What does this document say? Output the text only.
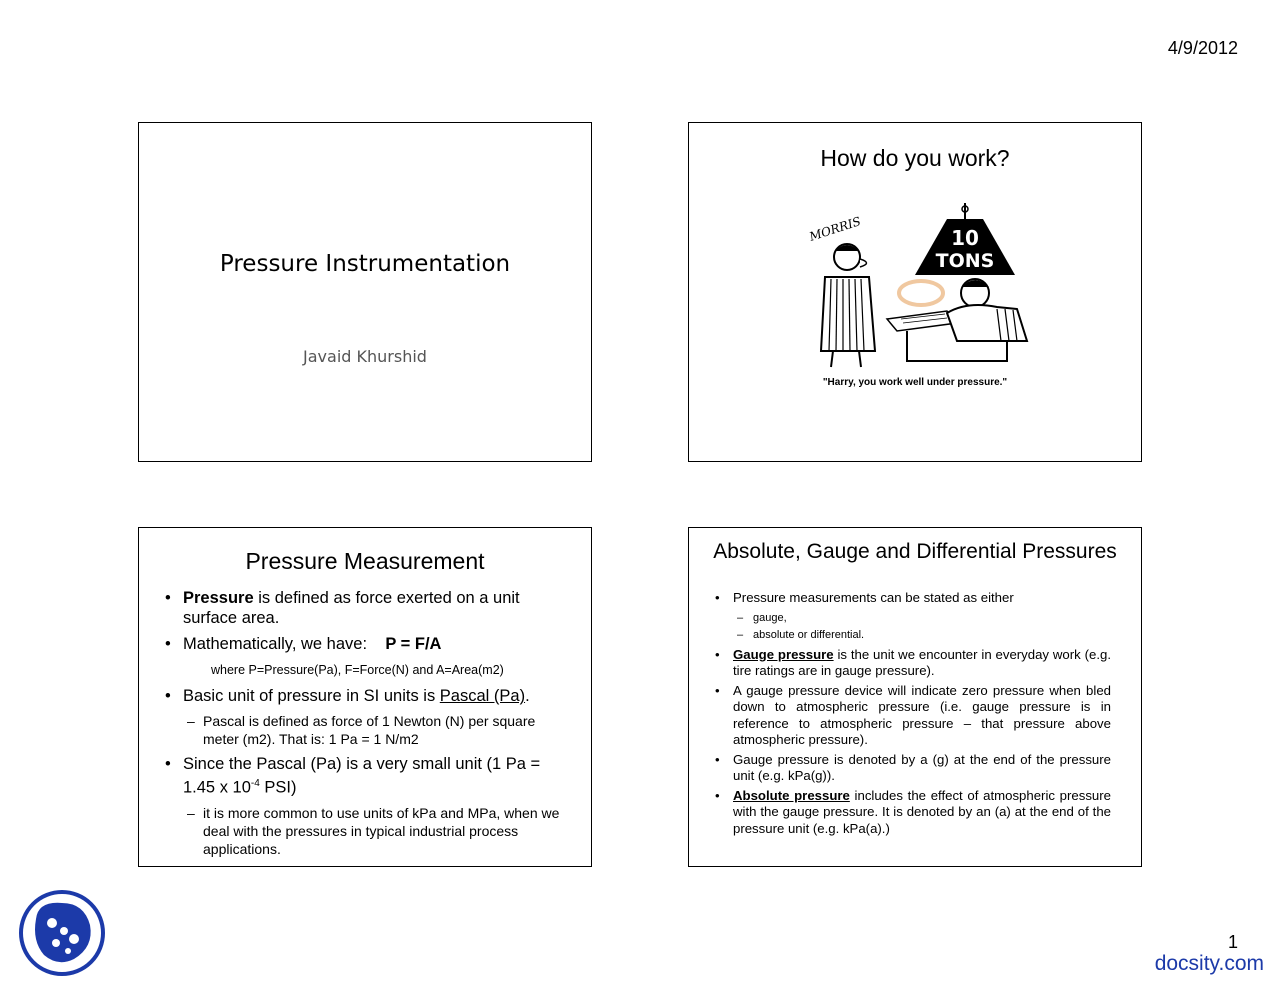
4/9/2012
Pressure Instrumentation
Javaid Khurshid
How do you work?
MORRIS	10
TONS
"Harry, you work well under pressure."
Pressure Measurement
• Pressure is defined as force exerted on a unit surface area.
• Mathematically, we have: P = F/A
where P=Pressure(Pa), F=Force(N) and A=Area(m2)
• Basic unit of pressure in SI units is Pascal (Pa).
– Pascal is defined as force of 1 Newton (N) per square meter (m2). That is: 1 Pa = 1 N/m2
• Since the Pascal (Pa) is a very small unit (1 Pa = 1.45 x $10^{-4}$ PSI)
– it is more common to use units of kPa and MPa, when we deal with the pressures in typical industrial process applications.
Absolute, Gauge and Differential Pressures
• Pressure measurements can be stated as either
– gauge,
– absolute or differential.
• Gauge pressure is the unit we encounter in everyday work (e.g. tire ratings are in gauge pressure).
• A gauge pressure device will indicate zero pressure when bled down to atmospheric pressure (i.e. gauge pressure is in reference to atmospheric pressure – that pressure above atmospheric pressure).
• Gauge pressure is denoted by a (g) at the end of the pressure unit (e.g. kPa(g)).
• Absolute pressure includes the effect of atmospheric pressure with the gauge pressure. It is denoted by an (a) at the end of the pressure unit (e.g. kPa(a).)
1
docsity.com
